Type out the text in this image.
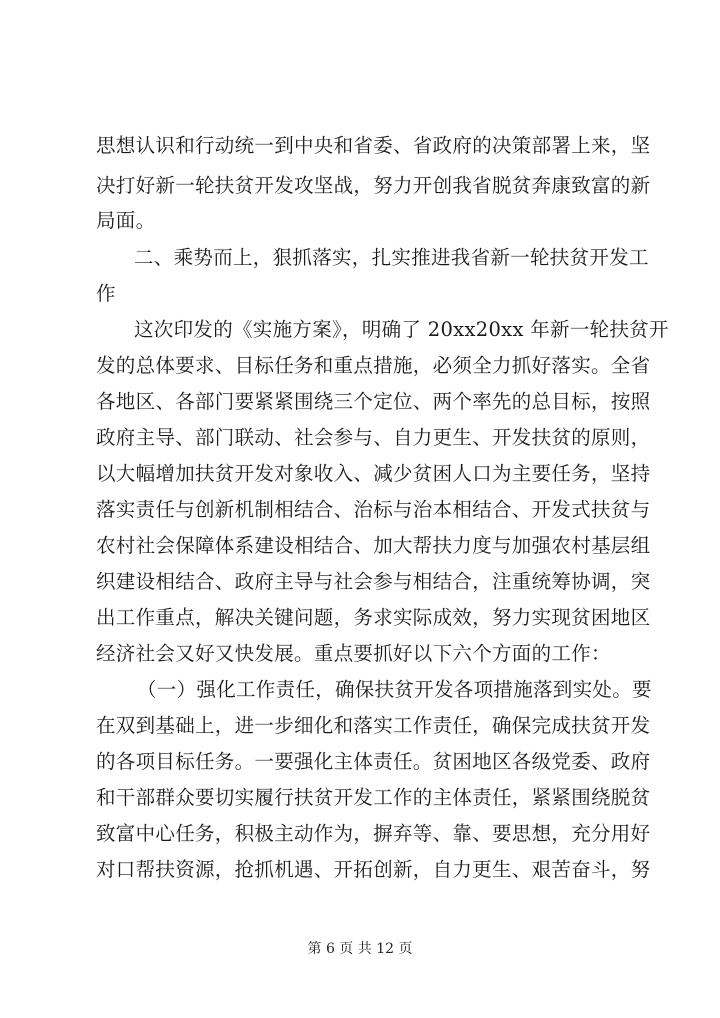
思想认识和行动统一到中央和省委、省政府的决策部署上来，坚
决打好新一轮扶贫开发攻坚战，努力开创我省脱贫奔康致富的新
局面。
二、乘势而上，狠抓落实，扎实推进我省新一轮扶贫开发工
作
这次印发的《实施方案》，明确了 20xx20xx 年新一轮扶贫开
发的总体要求、目标任务和重点措施，必须全力抓好落实。全省
各地区、各部门要紧紧围绕三个定位、两个率先的总目标，按照
政府主导、部门联动、社会参与、自力更生、开发扶贫的原则，
以大幅增加扶贫开发对象收入、减少贫困人口为主要任务，坚持
落实责任与创新机制相结合、治标与治本相结合、开发式扶贫与
农村社会保障体系建设相结合、加大帮扶力度与加强农村基层组
织建设相结合、政府主导与社会参与相结合，注重统筹协调，突
出工作重点，解决关键问题，务求实际成效，努力实现贫困地区
经济社会又好又快发展。重点要抓好以下六个方面的工作：
（一）强化工作责任，确保扶贫开发各项措施落到实处。要
在双到基础上，进一步细化和落实工作责任，确保完成扶贫开发
的各项目标任务。一要强化主体责任。贫困地区各级党委、政府
和干部群众要切实履行扶贫开发工作的主体责任，紧紧围绕脱贫
致富中心任务，积极主动作为，摒弃等、靠、要思想，充分用好
对口帮扶资源，抢抓机遇、开拓创新，自力更生、艰苦奋斗，努
第 6 页 共 12 页
